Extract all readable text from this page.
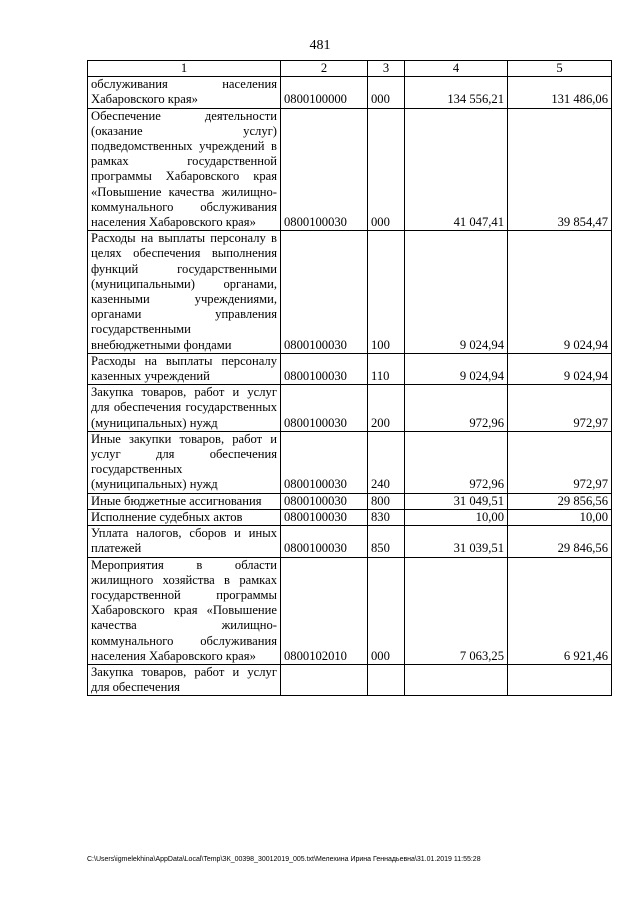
481
1	2	3	4	5
обслуживания населения Хабаровского края»	0800100000	000	134 556,21	131 486,06
Обеспечение деятельности (оказание услуг) подведомственных учреждений в рамках государственной программы Хабаровского края «Повышение качества жилищно-коммунального обслуживания населения Хабаровского края»	0800100030	000	41 047,41	39 854,47
Расходы на выплаты персоналу в целях обеспечения выполнения функций государственными (муниципальными) органами, казенными учреждениями, органами управления государственными внебюджетными фондами	0800100030	100	9 024,94	9 024,94
Расходы на выплаты персоналу казенных учреждений	0800100030	110	9 024,94	9 024,94
Закупка товаров, работ и услуг для обеспечения государственных (муниципальных) нужд	0800100030	200	972,96	972,97
Иные закупки товаров, работ и услуг для обеспечения государственных (муниципальных) нужд	0800100030	240	972,96	972,97
Иные бюджетные ассигнования	0800100030	800	31 049,51	29 856,56
Исполнение судебных актов	0800100030	830	10,00	10,00
Уплата налогов, сборов и иных платежей	0800100030	850	31 039,51	29 846,56
Мероприятия в области жилищного хозяйства в рамках государственной программы Хабаровского края «Повышение качества жилищно-коммунального обслуживания населения Хабаровского края»	0800102010	000	7 063,25	6 921,46
Закупка товаров, работ и услуг для обеспечения				
C:\Users\igmelekhina\AppData\Local\Temp\ЗК_00398_30012019_005.txt\Мелехина Ирина Геннадьевна\31.01.2019 11:55:28
